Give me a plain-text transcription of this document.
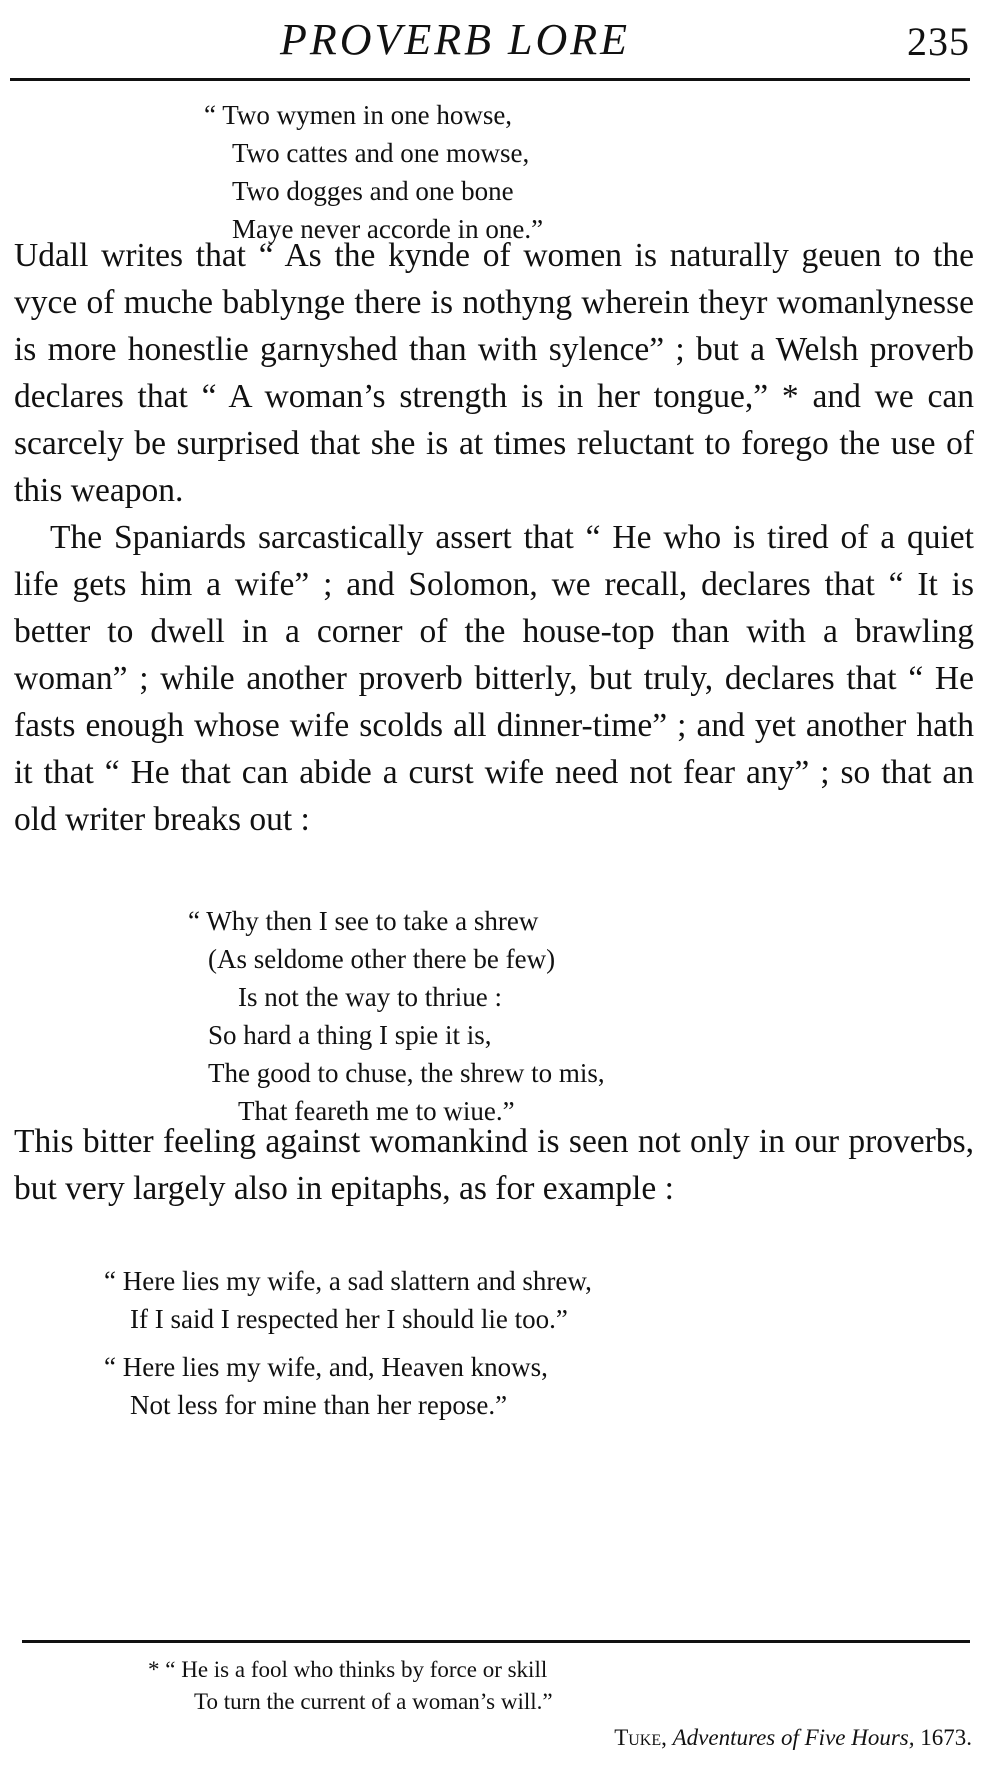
PROVERB LORE	235
“ Two wymen in one howse,
Two cattes and one mowse,
Two dogges and one bone
Maye never accorde in one.”

Udall writes that “ As the kynde of women is naturally geuen to the vyce of muche bablynge there is nothyng wherein theyr womanlynesse is more honestlie garnyshed than with sylence” ; but a Welsh proverb declares that “ A woman’s strength is in her tongue,” * and we can scarcely be surprised that she is at times reluctant to forego the use of this weapon.

The Spaniards sarcastically assert that “ He who is tired of a quiet life gets him a wife” ; and Solomon, we recall, declares that “ It is better to dwell in a corner of the house-top than with a brawling woman” ; while another proverb bitterly, but truly, declares that “ He fasts enough whose wife scolds all dinner-time” ; and yet another hath it that “ He that can abide a curst wife need not fear any” ; so that an old writer breaks out :

“ Why then I see to take a shrew
(As seldome other there be few)
Is not the way to thriue :
So hard a thing I spie it is,
The good to chuse, the shrew to mis,
That feareth me to wiue.”

This bitter feeling against womankind is seen not only in our proverbs, but very largely also in epitaphs, as for example :

“ Here lies my wife, a sad slattern and shrew,
If I said I respected her I should lie too.”
“ Here lies my wife, and, Heaven knows,
Not less for mine than her repose.”
* “ He is a fool who thinks by force or skill
To turn the current of a woman’s will.”
Tuke, Adventures of Five Hours, 1673.
